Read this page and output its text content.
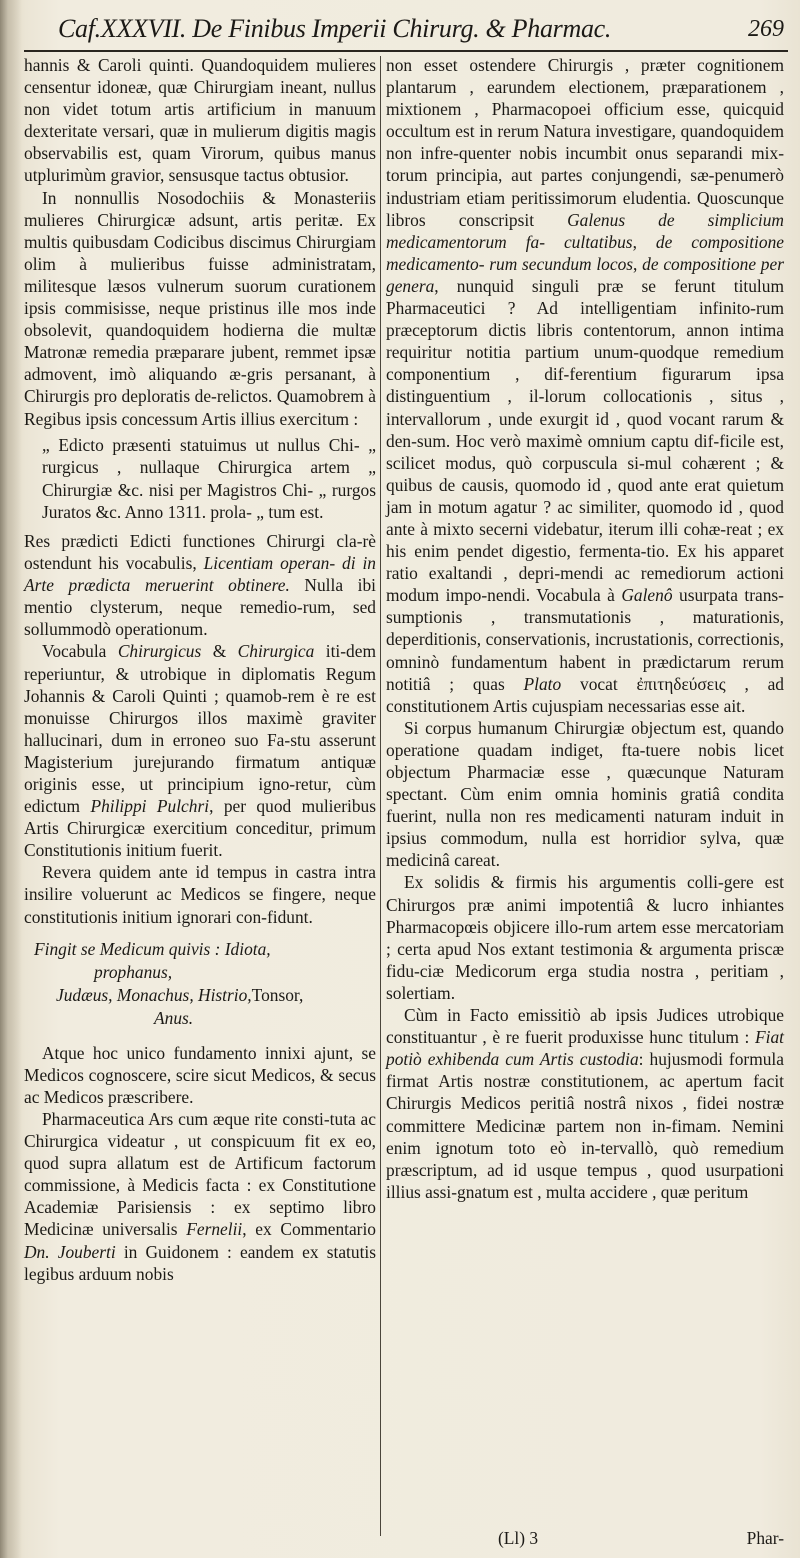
Caf.XXXVII. De Finibus Imperii Chirurg. & Pharmac.	269

hannis & Caroli quinti. Quandoquidem mulieres censentur idoneæ, quæ Chirurgiam ineant, nullus non videt totum artis artificium in manuum dexteritate versari, quæ in mulierum digitis magis observabilis est, quam Virorum, quibus manus utplurimùm gravior, sensusque tactus obtusior.

In nonnullis Nosodochiis & Monasteriis mulieres Chirurgicæ adsunt, artis peritæ. Ex multis quibusdam Codicibus discimus Chirurgiam olim à mulieribus fuisse administratam, militesque læsos vulnerum suorum curationem ipsis commisisse, neque pristinus ille mos inde obsolevit, quandoquidem hodierna die multæ Matronæ remedia præparare jubent, remmet ipsæ admovent, imò aliquando æ-gris persanant, à Chirurgis pro deploratis de-relictos. Quamobrem à Regibus ipsis concessum Artis illius exercitum :

„ Edicto præsenti statuimus ut nullus Chi- „ rurgicus , nullaque Chirurgica artem „ Chirurgiæ &c. nisi per Magistros Chi- „ rurgos Juratos &c. Anno 1311. prola- „ tum est.

Res prædicti Edicti functiones Chirurgi cla-rè ostendunt his vocabulis, Licentiam operan- di in Arte prædicta meruerint obtinere. Nulla ibi mentio clysterum, neque remedio-rum, sed sollummodò operationum.

Vocabula Chirurgicus & Chirurgica iti-dem reperiuntur, & utrobique in diplomatis Regum Johannis & Caroli Quinti ; quamob-rem è re est monuisse Chirurgos illos maximè graviter hallucinari, dum in erroneo suo Fa-stu asserunt Magisterium jurejurando firmatum antiquæ originis esse, ut principium igno-retur, cùm edictum Philippi Pulchri, per quod mulieribus Artis Chirurgicæ exercitium conceditur, primum Constitutionis initium fuerit.

Revera quidem ante id tempus in castra intra insilire voluerunt ac Medicos se fingere, neque constitutionis initium ignorari con-fidunt.

Fingit se Medicum quivis : Idiota,
prophanus,
Judæus, Monachus, Histrio,Tonsor,
Anus.

Atque hoc unico fundamento innixi ajunt, se Medicos cognoscere, scire sicut Medicos, & secus ac Medicos præscribere.

Pharmaceutica Ars cum æque rite consti-tuta ac Chirurgica videatur , ut conspicuum fit ex eo, quod supra allatum est de Artificum factorum commissione, à Medicis facta : ex Constitutione Academiæ Parisiensis : ex septimo libro Medicinæ universalis Fernelii, ex Commentario Dn. Jouberti in Guidonem : eandem ex statutis legibus arduum nobis

non esset ostendere Chirurgis , præter cognitionem plantarum , earundem electionem, præparationem , mixtionem , Pharmacopoei officium esse, quicquid occultum est in rerum Natura investigare, quandoquidem non infre-quenter nobis incumbit onus separandi mix-torum principia, aut partes conjungendi, sæ-penumerò industriam etiam peritissimorum eludentia. Quoscunque libros conscripsit Galenus de simplicium medicamentorum fa- cultatibus, de compositione medicamento- rum secundum locos, de compositione per genera, nunquid singuli præ se ferunt titulum Pharmaceutici ? Ad intelligentiam infinito-rum præceptorum dictis libris contentorum, annon intima requiritur notitia partium unum-quodque remedium componentium , dif-ferentium figurarum ipsa distinguentium , il-lorum collocationis , situs , intervallorum , unde exurgit id , quod vocant rarum & den-sum. Hoc verò maximè omnium captu dif-ficile est, scilicet modus, quò corpuscula si-mul cohærent ; & quibus de causis, quomodo id , quod ante erat quietum jam in motum agatur ? ac similiter, quomodo id , quod ante à mixto secerni videbatur, iterum illi cohæ-reat ; ex his enim pendet digestio, fermenta-tio. Ex his apparet ratio exaltandi , depri-mendi ac remediorum actioni modum impo-nendi. Vocabula à Galenô usurpata trans-sumptionis , transmutationis , maturationis, deperditionis, conservationis, incrustationis, correctionis, omninò fundamentum habent in prædictarum rerum notitiâ ; quas Plato vocat ἐπιτηδεύσεις , ad constitutionem Artis cujuspiam necessarias esse ait.

Si corpus humanum Chirurgiæ objectum est, quando operatione quadam indiget, fta-tuere nobis licet objectum Pharmaciæ esse , quæcunque Naturam spectant. Cùm enim omnia hominis gratiâ condita fuerint, nulla non res medicamenti naturam induit in ipsius commodum, nulla est horridior sylva, quæ medicinâ careat.

Ex solidis & firmis his argumentis colli-gere est Chirurgos præ animi impotentiâ & lucro inhiantes Pharmacopœis objicere illo-rum artem esse mercatoriam ; certa apud Nos extant testimonia & argumenta priscæ fidu-ciæ Medicorum erga studia nostra , peritiam , solertiam.

Cùm in Facto emissitiò ab ipsis Judices utrobique constituantur , è re fuerit produxisse hunc titulum : Fiat potiò exhibenda cum Artis custodia: hujusmodi formula firmat Artis nostræ constitutionem, ac apertum facit Chirurgis Medicos peritiâ nostrâ nixos , fidei nostræ committere Medicinæ partem non in-fimam. Nemini enim ignotum toto eò in-tervallò, quò remedium præscriptum, ad id usque tempus , quod usurpationi illius assi-gnatum est , multa accidere , quæ peritum

(Ll) 3	Phar-
